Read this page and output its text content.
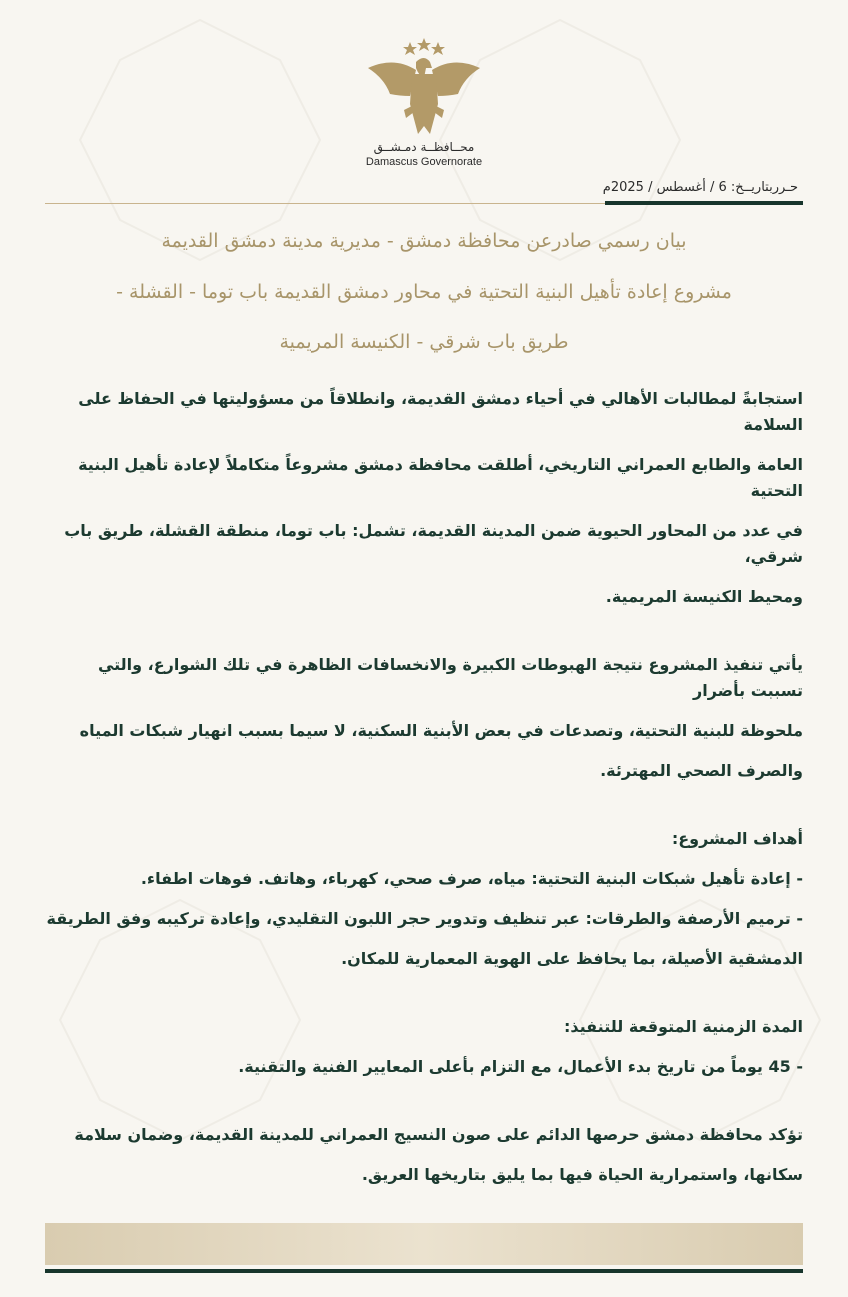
محــافظــة دمـشــق
Damascus Governorate
حـرربتاريــخ: 6 / أغسطس / 2025م
بيان رسمي صادرعن محافظة دمشق - مديرية مدينة دمشق القديمة
مشروع إعادة تأهيل البنية التحتية في محاور دمشق القديمة باب توما - القشلة -
طريق باب شرقي - الكنيسة المريمية
استجابةً لمطالبات الأهالي في أحياء دمشق القديمة، وانطلاقاً من مسؤوليتها في الحفاظ على السلامة
العامة والطابع العمراني التاريخي، أطلقت محافظة دمشق مشروعاً متكاملاً لإعادة تأهيل البنية التحتية
في عدد من المحاور الحيوية ضمن المدينة القديمة، تشمل: باب توما، منطقة القشلة، طريق باب شرقي،
ومحيط الكنيسة المريمية.
يأتي تنفيذ المشروع نتيجة الهبوطات الكبيرة والانخسافات الظاهرة في تلك الشوارع، والتي تسببت بأضرار
ملحوظة للبنية التحتية، وتصدعات في بعض الأبنية السكنية، لا سيما بسبب انهيار شبكات المياه
والصرف الصحي المهترئة.
أهداف المشروع:
- إعادة تأهيل شبكات البنية التحتية: مياه، صرف صحي، كهرباء، وهاتف. فوهات اطفاء.
- ترميم الأرصفة والطرقات: عبر تنظيف وتدوير حجر اللبون التقليدي، وإعادة تركيبه وفق الطريقة
الدمشقية الأصيلة، بما يحافظ على الهوية المعمارية للمكان.
المدة الزمنية المتوقعة للتنفيذ:
- 45 يوماً من تاريخ بدء الأعمال، مع التزام بأعلى المعايير الفنية والتقنية.
تؤكد محافظة دمشق حرصها الدائم على صون النسيج العمراني للمدينة القديمة، وضمان سلامة
سكانها، واستمرارية الحياة فيها بما يليق بتاريخها العريق.
